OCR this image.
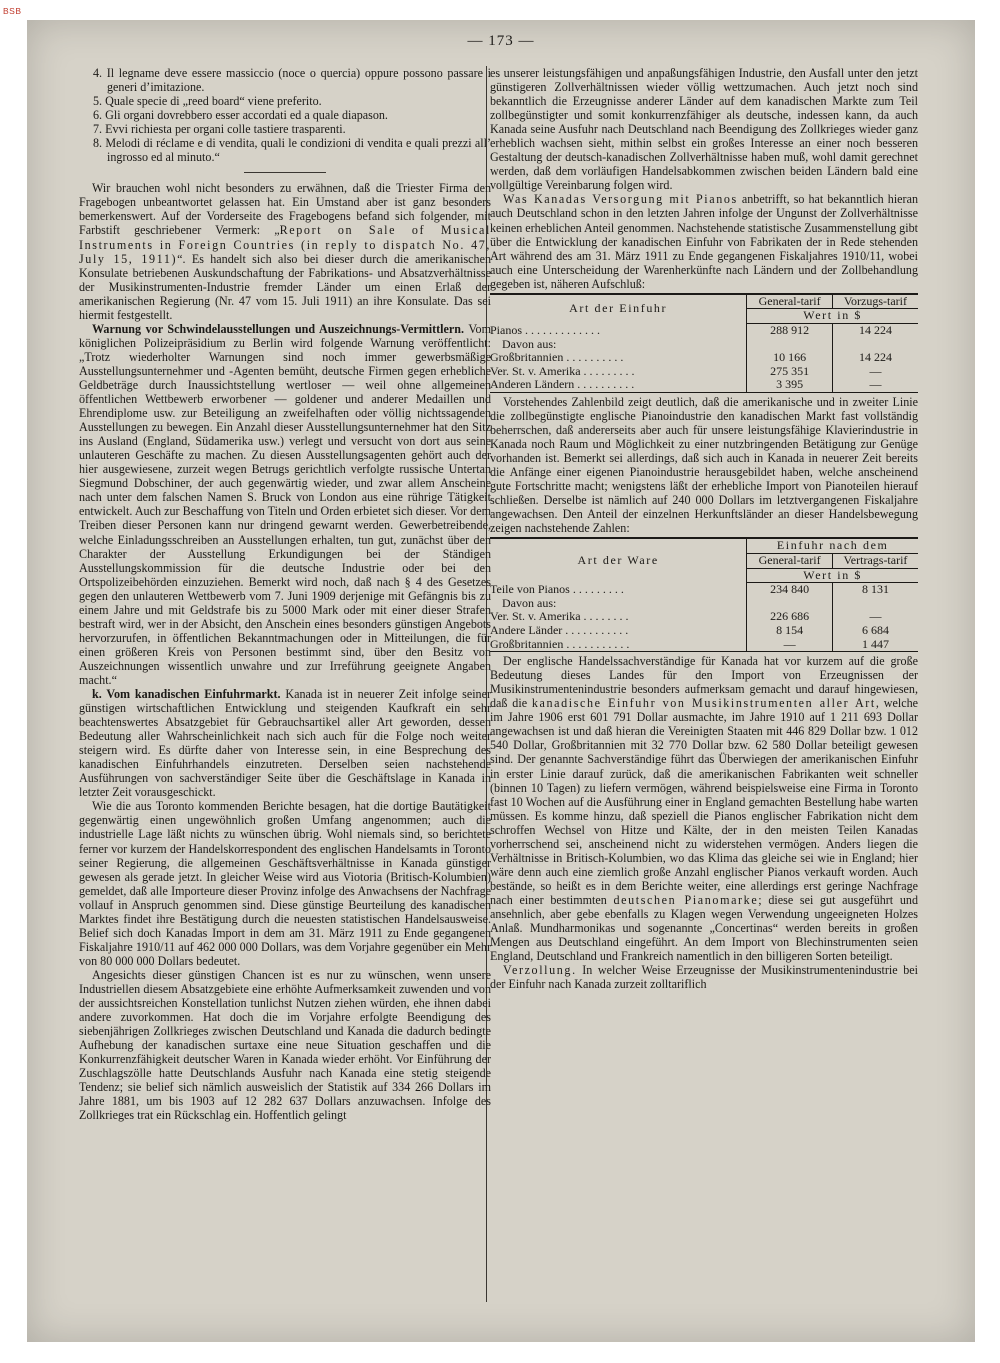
BSB
— 173 —
4. Il legname deve essere massiccio (noce o quercia) oppure possono passare i generi d’imitazione.
5. Quale specie di „reed board“ viene preferito.
6. Gli organi dovrebbero esser accordati ed a quale diapason.
7. Evvi richiesta per organi colle tastiere trasparenti.
8. Melodi di réclame e di vendita, quali le condizioni di vendita e quali prezzi all’ ingrosso ed al minuto.“

Wir brauchen wohl nicht besonders zu erwähnen, daß die Triester Firma den Fragebogen unbeantwortet gelassen hat. Ein Umstand aber ist ganz besonders bemerkenswert. Auf der Vorderseite des Fragebogens befand sich folgender, mit Farbstift geschriebener Vermerk: „Report on Sale of Musical Instruments in Foreign Countries (in reply to dispatch No. 47, July 15, 1911)“. Es handelt sich also bei dieser durch die amerikanischen Konsulate betriebenen Auskundschaftung der Fabrikations- und Absatzverhältnisse der Musikinstrumenten-Industrie fremder Länder um einen Erlaß der amerikanischen Regierung (Nr. 47 vom 15. Juli 1911) an ihre Konsulate. Das sei hiermit festgestellt.

Warnung vor Schwindelausstellungen und Auszeichnungs-Vermittlern. Vom königlichen Polizeipräsidium zu Berlin wird folgende Warnung veröffentlicht: „Trotz wiederholter Warnungen sind noch immer gewerbsmäßige Ausstellungsunternehmer und -Agenten bemüht, deutsche Firmen gegen erhebliche Geldbeträge durch Inaussichtstellung wertloser — weil ohne allgemeinen öffentlichen Wettbewerb erworbener — goldener und anderer Medaillen und Ehrendiplome usw. zur Beteiligung an zweifelhaften oder völlig nichtssagenden Ausstellungen zu bewegen. Ein Anzahl dieser Ausstellungsunternehmer hat den Sitz ins Ausland (England, Südamerika usw.) verlegt und versucht von dort aus seine unlauteren Geschäfte zu machen. Zu diesen Ausstellungsagenten gehört auch der hier ausgewiesene, zurzeit wegen Betrugs gerichtlich verfolgte russische Untertan Siegmund Dobschiner, der auch gegenwärtig wieder, und zwar allem Anscheine nach unter dem falschen Namen S. Bruck von London aus eine rührige Tätigkeit entwickelt. Auch zur Beschaffung von Titeln und Orden erbietet sich dieser. Vor dem Treiben dieser Personen kann nur dringend gewarnt werden. Gewerbetreibende, welche Einladungsschreiben an Ausstellungen erhalten, tun gut, zunächst über den Charakter der Ausstellung Erkundigungen bei der Ständigen Ausstellungskommission für die deutsche Industrie oder bei den Ortspolizeibehörden einzuziehen. Bemerkt wird noch, daß nach § 4 des Gesetzes gegen den unlauteren Wettbewerb vom 7. Juni 1909 derjenige mit Gefängnis bis zu einem Jahre und mit Geldstrafe bis zu 5000 Mark oder mit einer dieser Strafen bestraft wird, wer in der Absicht, den Anschein eines besonders günstigen Angebots hervorzurufen, in öffentlichen Bekanntmachungen oder in Mitteilungen, die für einen größeren Kreis von Personen bestimmt sind, über den Besitz von Auszeichnungen wissentlich unwahre und zur Irreführung geeignete Angaben macht.“

k. Vom kanadischen Einfuhrmarkt. Kanada ist in neuerer Zeit infolge seiner günstigen wirtschaftlichen Entwicklung und steigenden Kaufkraft ein sehr beachtenswertes Absatzgebiet für Gebrauchsartikel aller Art geworden, dessen Bedeutung aller Wahrscheinlichkeit nach sich auch für die Folge noch weiter steigern wird. Es dürfte daher von Interesse sein, in eine Besprechung des kanadischen Einfuhrhandels einzutreten. Derselben seien nachstehende Ausführungen von sachverständiger Seite über die Geschäftslage in Kanada in letzter Zeit vorausgeschickt.

Wie die aus Toronto kommenden Berichte besagen, hat die dortige Bautätigkeit gegenwärtig einen ungewöhnlich großen Umfang angenommen; auch die industrielle Lage läßt nichts zu wünschen übrig. Wohl niemals sind, so berichtete ferner vor kurzem der Handelskorrespondent des englischen Handelsamts in Toronto seiner Regierung, die allgemeinen Geschäftsverhältnisse in Kanada günstiger gewesen als gerade jetzt. In gleicher Weise wird aus Viotoria (Britisch-Kolumbien) gemeldet, daß alle Importeure dieser Provinz infolge des Anwachsens der Nachfrage vollauf in Anspruch genommen sind. Diese günstige Beurteilung des kanadischen Marktes findet ihre Bestätigung durch die neuesten statistischen Handelsausweise. Belief sich doch Kanadas Import in dem am 31. März 1911 zu Ende gegangenen Fiskaljahre 1910/11 auf 462 000 000 Dollars, was dem Vorjahre gegenüber ein Mehr von 80 000 000 Dollars bedeutet.

Angesichts dieser günstigen Chancen ist es nur zu wünschen, wenn unsere Industriellen diesem Absatzgebiete eine erhöhte Aufmerksamkeit zuwenden und von der aussichtsreichen Konstellation tunlichst Nutzen ziehen würden, ehe ihnen dabei andere zuvorkommen. Hat doch die im Vorjahre erfolgte Beendigung des siebenjährigen Zollkrieges zwischen Deutschland und Kanada die dadurch bedingte Aufhebung der kanadischen surtaxe eine neue Situation geschaffen und die Konkurrenzfähigkeit deutscher Waren in Kanada wieder erhöht. Vor Einführung der Zuschlagszölle hatte Deutschlands Ausfuhr nach Kanada eine stetig steigende Tendenz; sie belief sich nämlich ausweislich der Statistik auf 334 266 Dollars im Jahre 1881, um bis 1903 auf 12 282 637 Dollars anzuwachsen. Infolge des Zollkrieges trat ein Rückschlag ein. Hoffentlich gelingt

es unserer leistungsfähigen und anpaßungsfähigen Industrie, den Ausfall unter den jetzt günstigeren Zollverhältnissen wieder völlig wettzumachen. Auch jetzt noch sind bekanntlich die Erzeugnisse anderer Länder auf dem kanadischen Markte zum Teil zollbegünstigter und somit konkurrenzfähiger als deutsche, indessen kann, da auch Kanada seine Ausfuhr nach Deutschland nach Beendigung des Zollkrieges wieder ganz erheblich wachsen sieht, mithin selbst ein großes Interesse an einer noch besseren Gestaltung der deutsch-kanadischen Zollverhältnisse haben muß, wohl damit gerechnet werden, daß dem vorläufigen Handelsabkommen zwischen beiden Ländern bald eine vollgültige Vereinbarung folgen wird.

Was Kanadas Versorgung mit Pianos anbetrifft, so hat bekanntlich hieran auch Deutschland schon in den letzten Jahren infolge der Ungunst der Zollverhältnisse keinen erheblichen Anteil genommen. Nachstehende statistische Zusammenstellung gibt über die Entwicklung der kanadischen Einfuhr von Fabrikaten der in Rede stehenden Art während des am 31. März 1911 zu Ende gegangenen Fiskaljahres 1910/11, wobei auch eine Unterscheidung der Warenherkünfte nach Ländern und der Zollbehandlung gegeben ist, näheren Aufschluß:

Art der Einfuhr	General-tarif	Vorzugs-tarif
	Wert in $	
Pianos . . . . . . . . . . . . .	288 912	14 224
Davon aus:		
Großbritannien . . . . . . . . . .	10 166	14 224
Ver. St. v. Amerika . . . . . . . . .	275 351	—
Anderen Ländern . . . . . . . . . .	3 395	—

Vorstehendes Zahlenbild zeigt deutlich, daß die amerikanische und in zweiter Linie die zollbegünstigte englische Pianoindustrie den kanadischen Markt fast vollständig beherrschen, daß andererseits aber auch für unsere leistungsfähige Klavierindustrie in Kanada noch Raum und Möglichkeit zu einer nutzbringenden Betätigung zur Genüge vorhanden ist. Bemerkt sei allerdings, daß sich auch in Kanada in neuerer Zeit bereits die Anfänge einer eigenen Pianoindustrie herausgebildet haben, welche anscheinend gute Fortschritte macht; wenigstens läßt der erhebliche Import von Pianoteilen hierauf schließen. Derselbe ist nämlich auf 240 000 Dollars im letztvergangenen Fiskaljahre angewachsen. Den Anteil der einzelnen Herkunftsländer an dieser Handelsbewegung zeigen nachstehende Zahlen:

Art der Ware	Einfuhr nach dem	
	General-tarif	Vertrags-tarif
	Wert in $	
Teile von Pianos . . . . . . . . .	234 840	8 131
Davon aus:		
Ver. St. v. Amerika . . . . . . . .	226 686	—
Andere Länder . . . . . . . . . . .	8 154	6 684
Großbritannien . . . . . . . . . . .	—	1 447

Der englische Handelssachverständige für Kanada hat vor kurzem auf die große Bedeutung dieses Landes für den Import von Erzeugnissen der Musikinstrumentenindustrie besonders aufmerksam gemacht und darauf hingewiesen, daß die kanadische Einfuhr von Musikinstrumenten aller Art, welche im Jahre 1906 erst 601 791 Dollar ausmachte, im Jahre 1910 auf 1 211 693 Dollar angewachsen ist und daß hieran die Vereinigten Staaten mit 446 829 Dollar bzw. 1 012 540 Dollar, Großbritannien mit 32 770 Dollar bzw. 62 580 Dollar beteiligt gewesen sind. Der genannte Sachverständige führt das Überwiegen der amerikanischen Einfuhr in erster Linie darauf zurück, daß die amerikanischen Fabrikanten weit schneller (binnen 10 Tagen) zu liefern vermögen, während beispielsweise eine Firma in Toronto fast 10 Wochen auf die Ausführung einer in England gemachten Bestellung habe warten müssen. Es komme hinzu, daß speziell die Pianos englischer Fabrikation nicht dem schroffen Wechsel von Hitze und Kälte, der in den meisten Teilen Kanadas vorherrschend sei, anscheinend nicht zu widerstehen vermögen. Anders liegen die Verhältnisse in Britisch-Kolumbien, wo das Klima das gleiche sei wie in England; hier wäre denn auch eine ziemlich große Anzahl englischer Pianos verkauft worden. Auch bestände, so heißt es in dem Berichte weiter, eine allerdings erst geringe Nachfrage nach einer bestimmten deutschen Pianomarke; diese sei gut ausgeführt und ansehnlich, aber gebe ebenfalls zu Klagen wegen Verwendung ungeeigneten Holzes Anlaß. Mundharmonikas und sogenannte „Concertinas“ werden bereits in großen Mengen aus Deutschland eingeführt. An dem Import von Blechinstrumenten seien England, Deutschland und Frankreich namentlich in den billigeren Sorten beteiligt.

Verzollung. In welcher Weise Erzeugnisse der Musikinstrumentenindustrie bei der Einfuhr nach Kanada zurzeit zolltariflich
